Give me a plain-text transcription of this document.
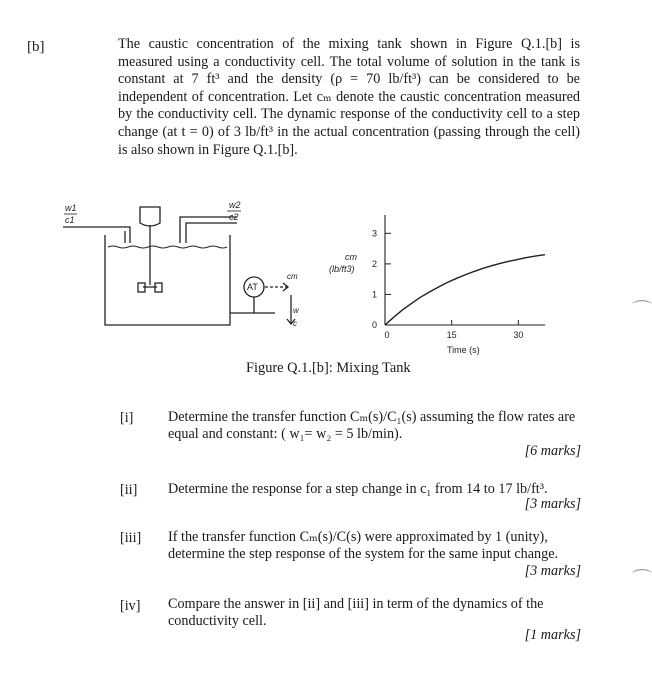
[b]	The caustic concentration of the mixing tank shown in Figure Q.1.[b] is measured using a conductivity cell. The total volume of solution in the tank is constant at 7 ft³ and the density (ρ = 70 lb/ft³) can be considered to be independent of concentration. Let cₘ denote the caustic concentration measured by the conductivity cell. The dynamic response of the conductivity cell to a step change (at t = 0) of 3 lb/ft³ in the actual concentration (passing through the cell) is also shown in Figure Q.1.[b].
w1
c1
w2
c2
AT
cm
w
c
cm (lb/ft3)
Time (s)
0
1
2
3
0	15	30
Figure Q.1.[b]: Mixing Tank
[i] Determine the transfer function Cₘ(s)/C₁(s) assuming the flow rates are equal and constant: ( w₁= w₂ = 5 lb/min).
[6 marks]
[ii] Determine the response for a step change in c₁ from 14 to 17 lb/ft³.
[3 marks]
[iii] If the transfer function Cₘ(s)/C(s) were approximated by 1 (unity), determine the step response of the system for the same input change.
[3 marks]
[iv] Compare the answer in [ii] and [iii] in term of the dynamics of the conductivity cell.
[1 marks]
⌒
⌒
